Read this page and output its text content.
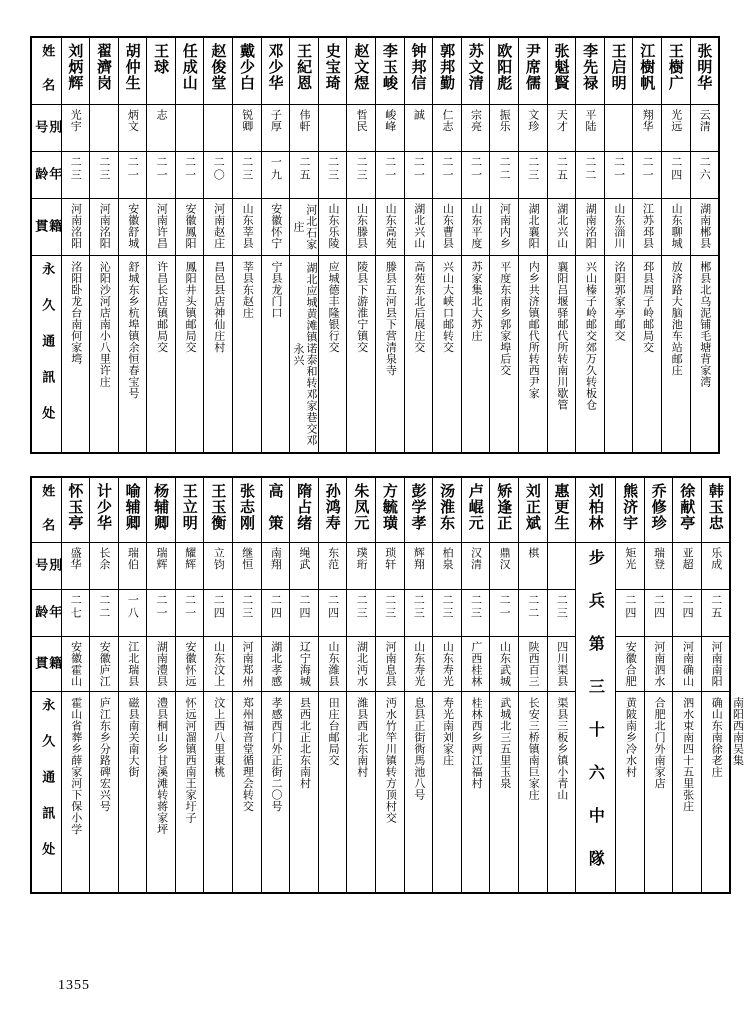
姓　名	刘炳辉	翟濟岗	胡仲生	王球	任成山	赵俊堂	戴少白	邓少华	王紀恩	史宝琦	赵文煜	李玉峻	钟邦信	郭邦勤	苏文清	欧阳彪	尹席儒	张魁賢	李先禄	王启明	江樹帆	王樹广	张明华

別　号	光宇		炳文	志			锐卿	子厚	伟軒		哲民	峻峰	誠	仁志	宗亮	振乐	文珍	天才	平陆		翔华	光远	云清

年　龄	二三	二三	二一	二一	二一	二〇	二三	一九	二五	二三	二三	二一	二一	二一	二一	二二	二三	二五	二二	二一	二一	二四	二六

籍　貫	河南洺阳	河南洺阳	安徽舒城	河南许昌	安徽鳳阳	河南赵庄	山东莘县	安徽怀宁	河北石家庄	山东乐陵	山东滕县	山东高苑	湖北兴山	山东曹县	山东平度	河南内乡	湖北襄阳	湖北兴山	湖南洺阳	山东淄川	江苏邳县	山东聊城	湖南郴县

永 久 通 訊 处	洺阳卧龙台南何家塆	沁阳沙河店南小八里许庄	舒城东乡杭埠镇余恒春宝号	许昌长店镇邮局交	鳳阳井头镇邮局交	昌邑县店神仙庄村	莘县东赵庄	宁县龙门口	湖北应城黄滩镇诺泰和转邓家巷交邓永兴	应城德丰隆银行交	陵县下游淮宁镇交	滕县五河县下营清泉寺	高苑东北后展庄交	兴山大峡口邮转交	苏家集北大苏庄	平度东南乡郭家埠后交	内乡共济镇邮代所转西尹家	襄阳吕堰驿邮代所转南川歇管	兴山榛子岭邮交郊万久转板仓	洺阳郭家亭邮交	邳县周子岭邮局交	放济路大脑池车站邮庄	郴县北乌泥铺毛塘背家湾
姓　名	怀玉亭	计少华	喻辅卿	杨辅卿	王立明	王玉衡	张志刚	高　策	隋占绪	孙鸿寿	朱凤元	方毓璜	彭学孝	汤淮东	卢崐元	矫逢正	刘正斌	惠更生	刘柏林	熊济宇	乔修珍	徐献亭	韩玉忠	

別　号	盛华	长余	瑞伯	瑞辉	耀辉	立钧	继恒	南翔	绳武	东范	璞珩	琐轩	辉翔	柏泉	汉清	鼎汉	棋		步 兵 第 三 十 六 中 隊	矩光	瑞登	亚超	乐成	

年　龄	二七	二二	一八	二一	二一	二四	二三	二四	二四	二四	二三	二三	二三	二三	二三	二一	二二	二三		二四	二四	二四	二五	

籍　貫	安徽霍山	安徽庐江	江北瑞县	湖南澧县	安徽怀远	山东汶上	河南郑州	湖北孝感	辽宁海城	山东潍县	湖北沔水	河南息县	山东寿光	山东寿光	广西桂林	山东武城	陕西百三	四川渠县		安徽合肥	河南泗水	河南确山	河南南阳	

永 久 通 訊 处	霍山省葬乡薛家河下保小学	庐江东乡分路碑宏兴号	磁县南关南大街	澧县桐山乡甘溪滩转蒋家坪	怀远河溜镇西南王家圩子	汶上西八里東桃	郑州福音堂循理会转交	孝感西门外正街二〇号	县西北正北东南村	田庄台邮局交	潍县西北东南村	沔水竹竿川镇转方顶村交	息县正街衖馬池八号	寿光南刘家庄	桂林西乡两江福村	武城北三五里玉泉	长安三桥镇南巨家庄	渠县三板乡镇小青山		黄陂南乡冷水村	合肥北门外南家店	泗水束南四十五里张庄	确山东南徐老庄	南阳西南吴集
1355
